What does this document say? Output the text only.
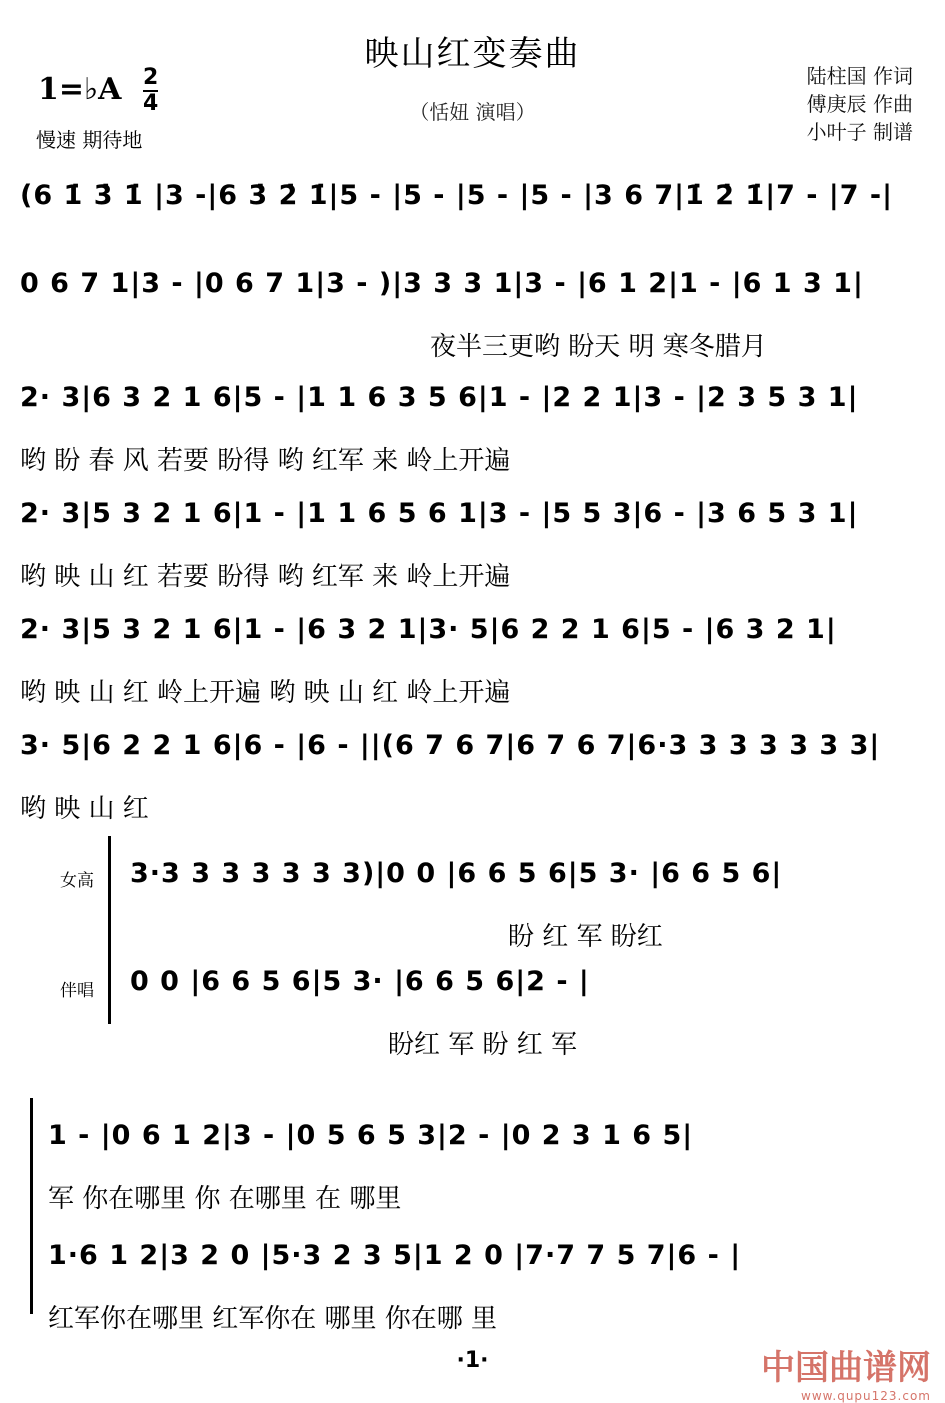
映山红变奏曲
（恬妞 演唱）
1=♭A 2
4
慢速 期待地
陆柱国 作词
傅庚辰 作曲
小叶子 制谱
(6 1̇ 3̇ 1̇ |3 -|6 3̇ 2̇ 1̇|5 - |5 - |5 - |5 - |3 6 7|1̇ 2̇ 1̇|7 - |7 -|
0 6 7 1|3 - |0 6 7 1|3 - )|3 3 3 1|3 - |6 1 2|1 - |6 1 3 1|
夜半三更哟 盼天 明 寒冬腊月
2· 3|6 3 2 1 6|5 - |1 1 6 3 5 6|1 - |2 2 1|3 - |2 3 5 3 1|
哟 盼 春 风 若要 盼得 哟 红军 来 岭上开遍
2· 3|5 3 2 1 6|1 - |1 1 6 5 6 1|3 - |5 5 3|6 - |3 6 5 3 1|
哟 映 山 红 若要 盼得 哟 红军 来 岭上开遍
2· 3|5 3 2 1 6|1 - |6 3 2 1|3· 5|6 2 2 1 6|5 - |6 3 2 1|
哟 映 山 红 岭上开遍 哟 映 山 红 岭上开遍
3· 5|6 2 2 1 6|6 - |6 - ||(6 7 6 7|6 7 6 7|6·3 3 3 3 3 3 3|
哟 映 山 红
女高
伴唱
3·3 3 3 3 3 3 3)|0 0 |6 6 5 6|5 3· |6 6 5 6|
盼 红 军 盼红
0 0 |6 6 5 6|5 3· |6 6 5 6|2 - |
盼红 军 盼 红 军
1 - |0 6 1 2|3 - |0 5 6 5 3|2 - |0 2 3 1 6 5|
军 你在哪里 你 在哪里 在 哪里
1·6 1 2|3 2 0 |5·3 2 3 5|1 2 0 |7·7 7 5 7|6 - |
红军你在哪里 红军你在 哪里 你在哪 里
·1·	中国曲谱网
www.qupu123.com
